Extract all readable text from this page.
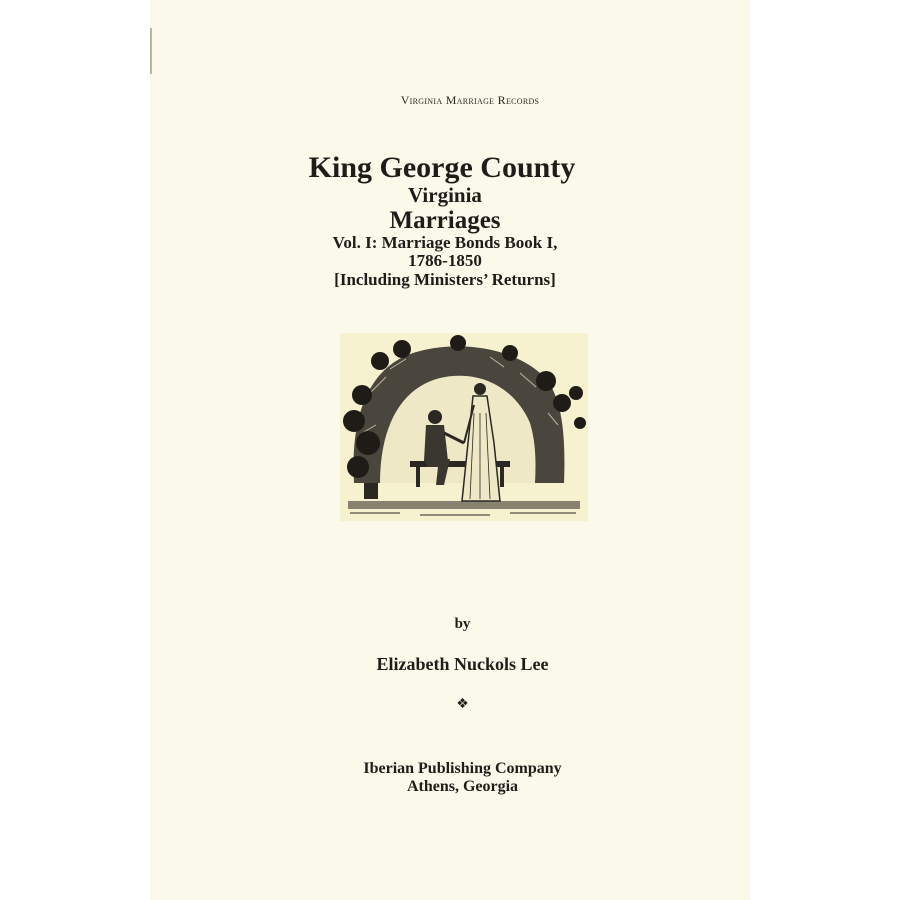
Virginia Marriage Records
King George County
Virginia
Marriages
Vol. I: Marriage Bonds Book I,
1786-1850
[Including Ministers’ Returns]
by
Elizabeth Nuckols Lee
❖
Iberian Publishing Company
Athens, Georgia
